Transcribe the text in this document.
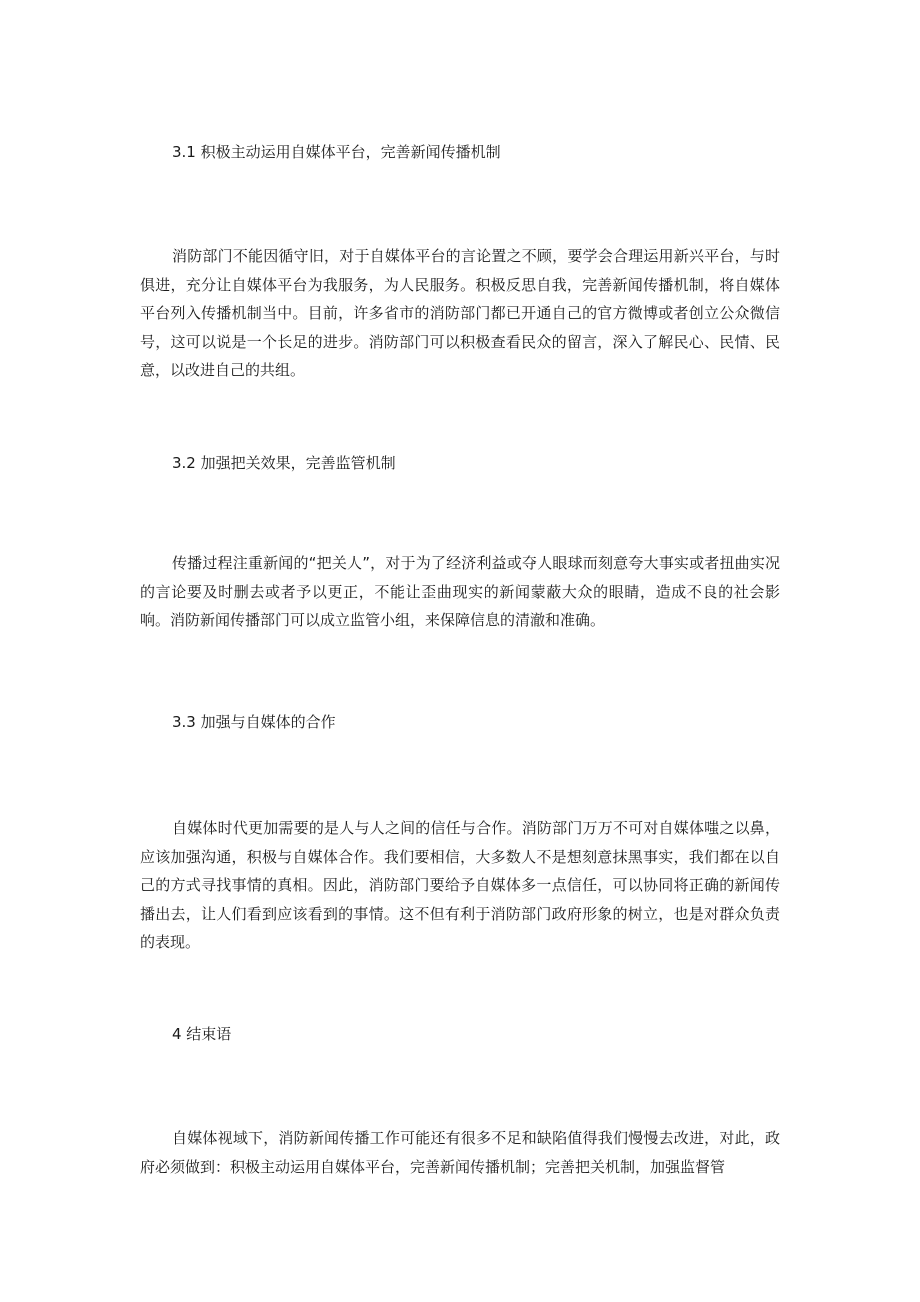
3.1 积极主动运用自媒体平台，完善新闻传播机制

消防部门不能因循守旧，对于自媒体平台的言论置之不顾，要学会合理运用新兴平台，与时俱进，充分让自媒体平台为我服务，为人民服务。积极反思自我，完善新闻传播机制，将自媒体平台列入传播机制当中。目前，许多省市的消防部门都已开通自己的官方微博或者创立公众微信号，这可以说是一个长足的进步。消防部门可以积极查看民众的留言，深入了解民心、民情、民意，以改进自己的共组。

3.2 加强把关效果，完善监管机制

传播过程注重新闻的“把关人”，对于为了经济利益或夺人眼球而刻意夸大事实或者扭曲实况的言论要及时删去或者予以更正，不能让歪曲现实的新闻蒙蔽大众的眼睛，造成不良的社会影响。消防新闻传播部门可以成立监管小组，来保障信息的清澈和准确。

3.3 加强与自媒体的合作

自媒体时代更加需要的是人与人之间的信任与合作。消防部门万万不可对自媒体嗤之以鼻，应该加强沟通，积极与自媒体合作。我们要相信，大多数人不是想刻意抹黑事实，我们都在以自己的方式寻找事情的真相。因此，消防部门要给予自媒体多一点信任，可以协同将正确的新闻传播出去，让人们看到应该看到的事情。这不但有利于消防部门政府形象的树立，也是对群众负责的表现。

4 结束语

自媒体视域下，消防新闻传播工作可能还有很多不足和缺陷值得我们慢慢去改进，对此，政府必须做到：积极主动运用自媒体平台，完善新闻传播机制；完善把关机制，加强监督管
